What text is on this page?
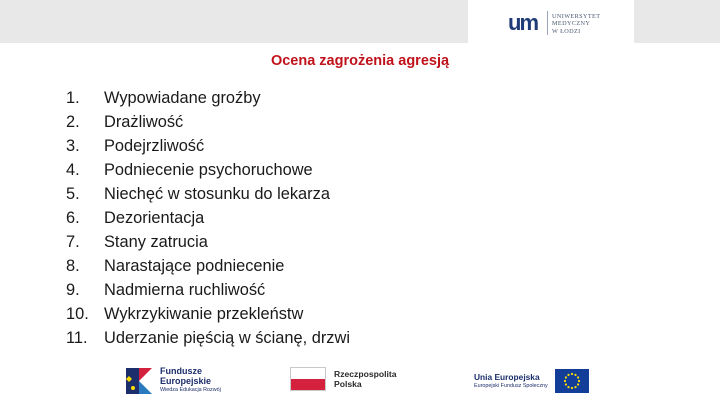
um UNIWERSYTET
MEDYCZNY
W ŁODZI
Ocena zagrożenia agresją
1.	Wypowiadane groźby
2.	Drażliwość
3.	Podejrzliwość
4.	Podniecenie psychoruchowe
5.	Niechęć w stosunku do lekarza
6.	Dezorientacja
7.	Stany zatrucia
8.	Narastające podniecenie
9.	Nadmierna ruchliwość
10. Wykrzykiwanie przekleństw
11.	Uderzanie pięścią w ścianę, drzwi
Fundusze
Europejskie
Wiedza Edukacja Rozwój
Rzeczpospolita
Polska
Unia Europejska
Europejski Fundusz Społeczny
